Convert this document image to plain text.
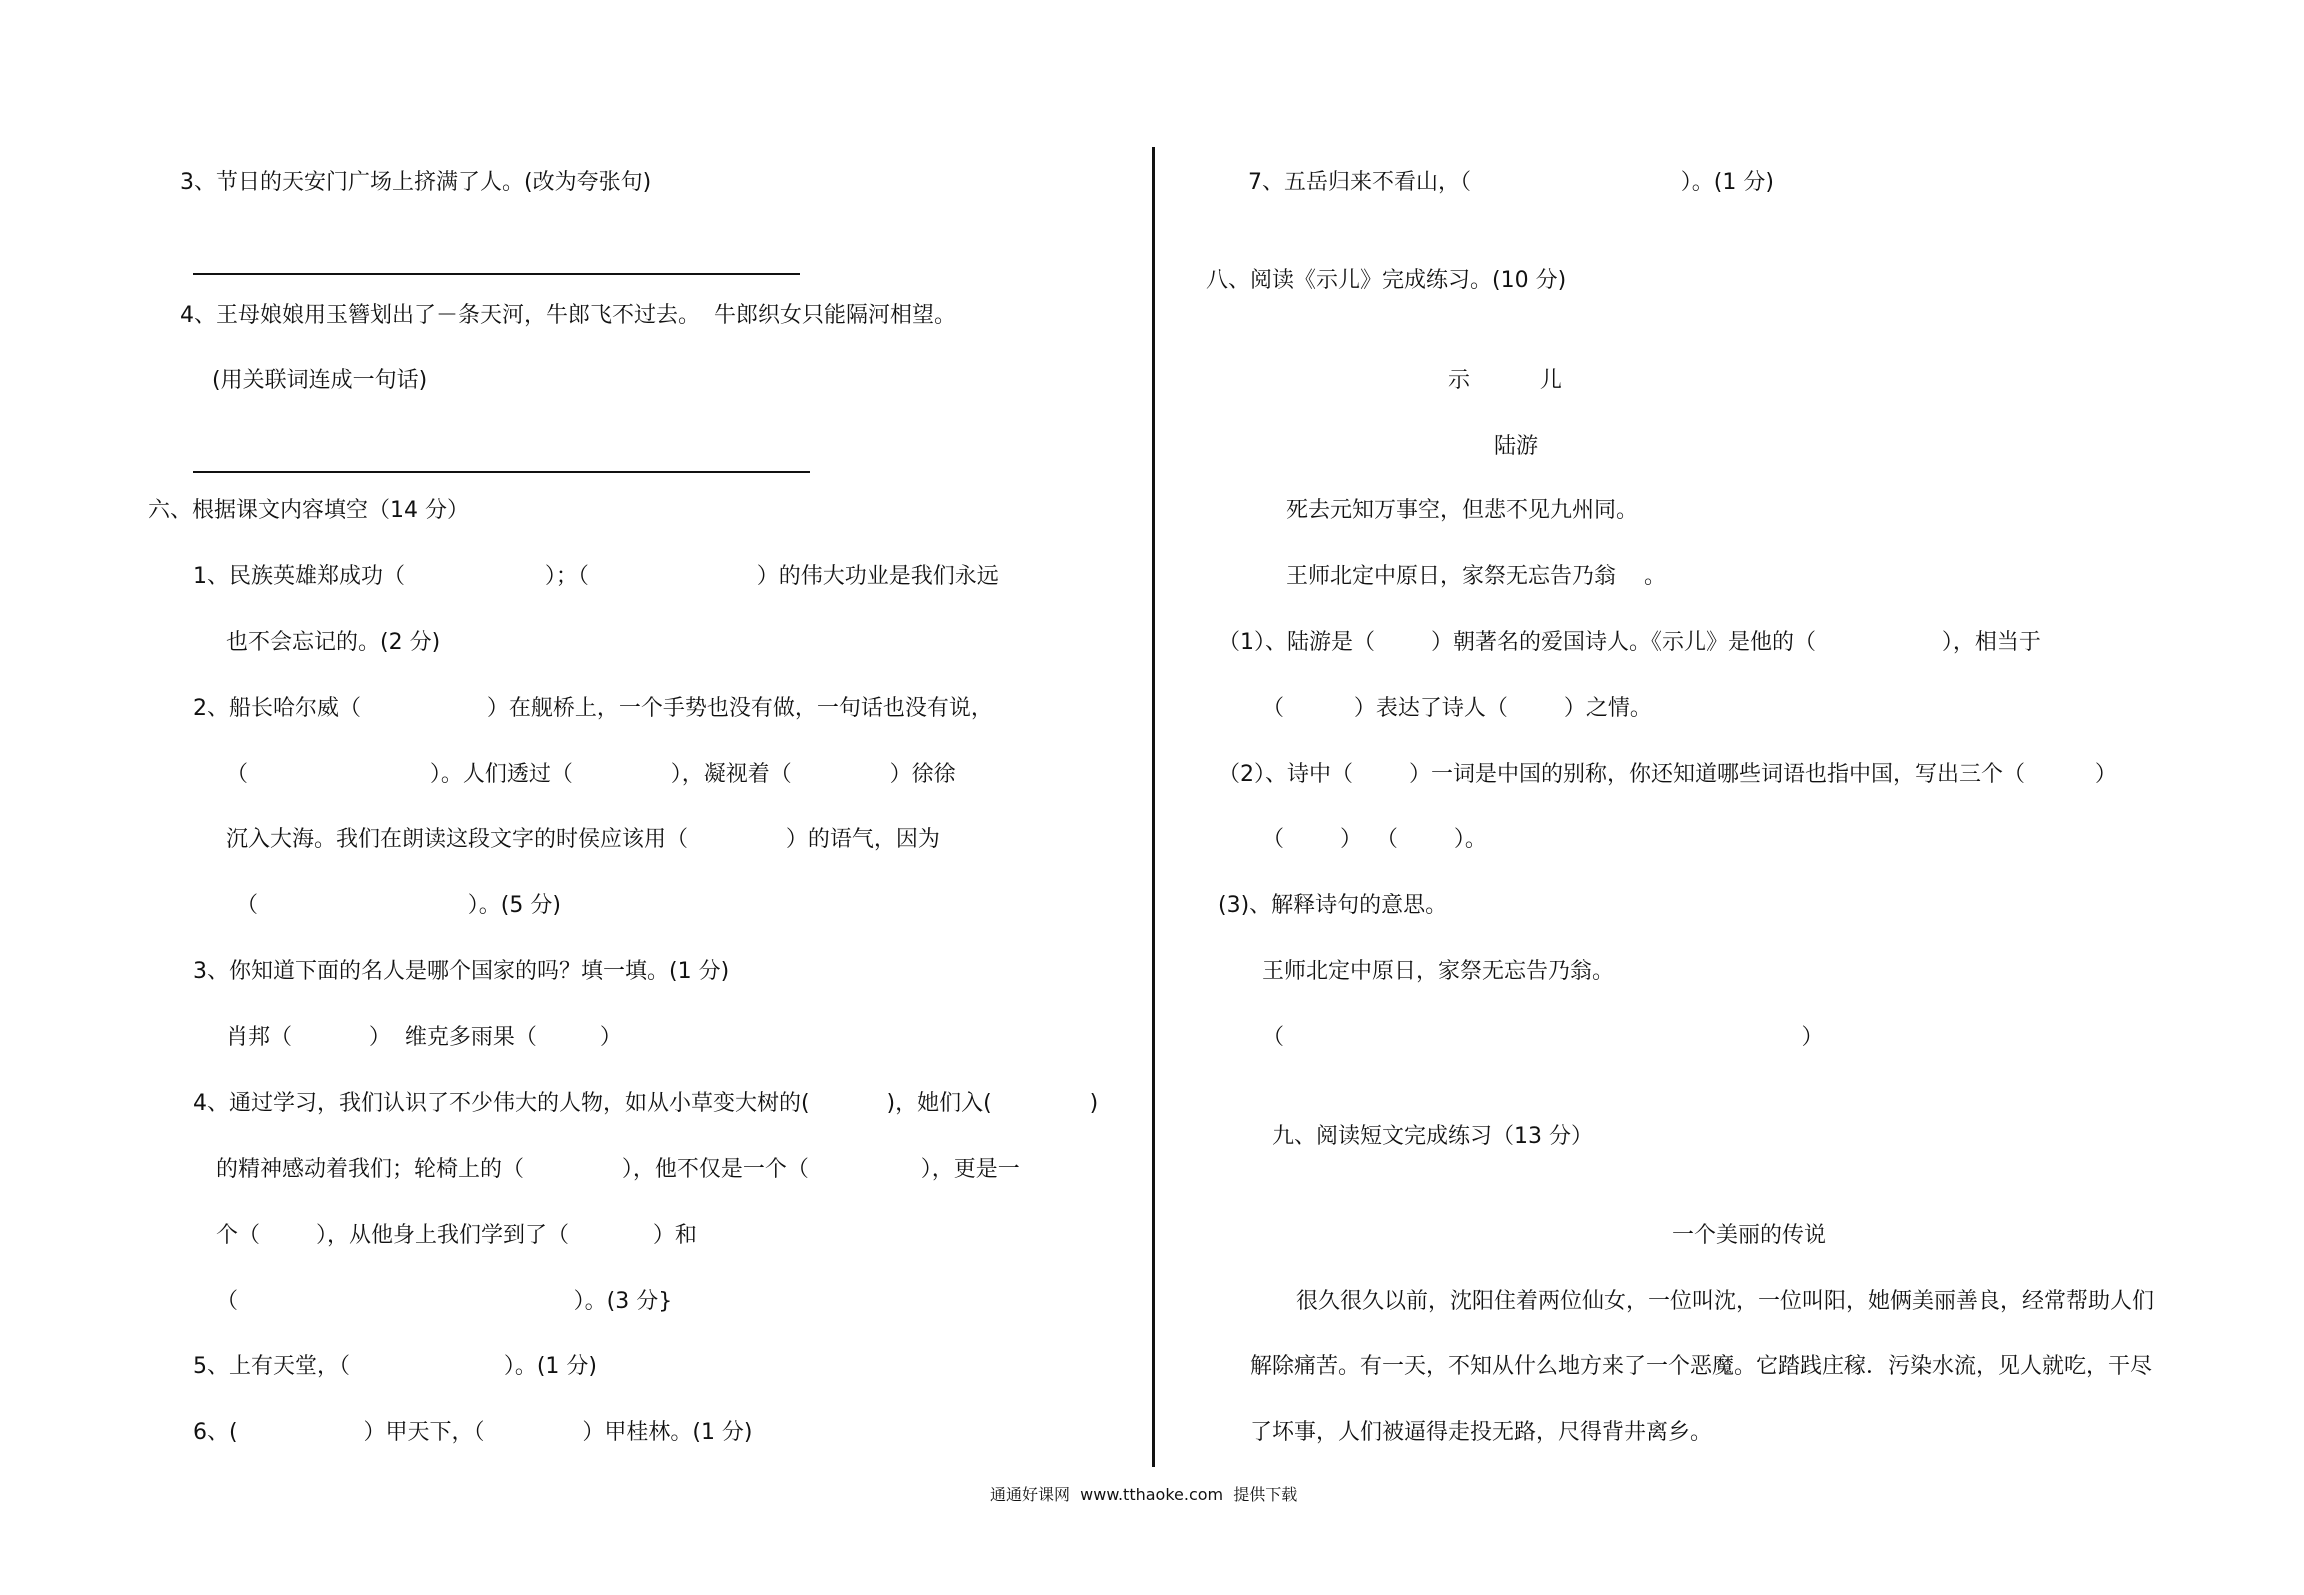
3、节日的天安门广场上挤满了人。(改为夸张句)
4、王母娘娘用玉簪划出了－条天河，牛郎飞不过去。  牛郎织女只能隔河相望。
(用关联词连成一句话)
六、根据课文内容填空（14 分）
1、民族英雄郑成功（                    ）；（                        ）的伟大功业是我们永远
也不会忘记的。(2 分)
2、船长哈尔威（                  ）在舰桥上，一个手势也没有做，一句话也没有说，
（                          ）。人们透过（              ），凝视着（              ）徐徐
沉入大海。我们在朗读这段文字的时侯应该用（              ）的语气，因为
（                              ）。(5 分)
3、你知道下面的名人是哪个国家的吗？填一填。(1 分)
肖邦（           ）  维克多雨果（         ）
4、通过学习，我们认识了不少伟大的人物，如从小草变大树的(           )，她们入(              )
的精神感动着我们；轮椅上的（              ），他不仅是一个（                ），更是一
个（        ），从他身上我们学到了（            ）和
（                                                ）。(3 分}
5、上有天堂，（                      ）。(1 分)
6、(                  ）甲天下，（              ）甲桂林。(1 分)
7、五岳归来不看山，（                              ）。(1 分)
八、阅读《示儿》完成练习。(10 分)
示          儿
陆游
死去元知万事空，但悲不见九州同。
王师北定中原日，家祭无忘告乃翁    。
（1）、陆游是（        ）朝著名的爱国诗人。《示儿》是他的（                  ），相当于
（          ）表达了诗人（        ）之情。
（2）、诗中（        ）一词是中国的别称，你还知道哪些词语也指中国，写出三个（          ）
（        ）  （        ）。
(3)、解释诗句的意思。
王师北定中原日，家祭无忘告乃翁。
（                                                                          ）
九、阅读短文完成练习（13 分）
一个美丽的传说
很久很久以前，沈阳住着两位仙女，一位叫沈，一位叫阳，她俩美丽善良，经常帮助人们
解除痛苦。有一天，不知从什么地方来了一个恶魔。它踏践庄稼．污染水流，见人就吃，干尽
了坏事，人们被逼得走投无路，尺得背井离乡。
通通好课网  www.tthaoke.com  提供下载
